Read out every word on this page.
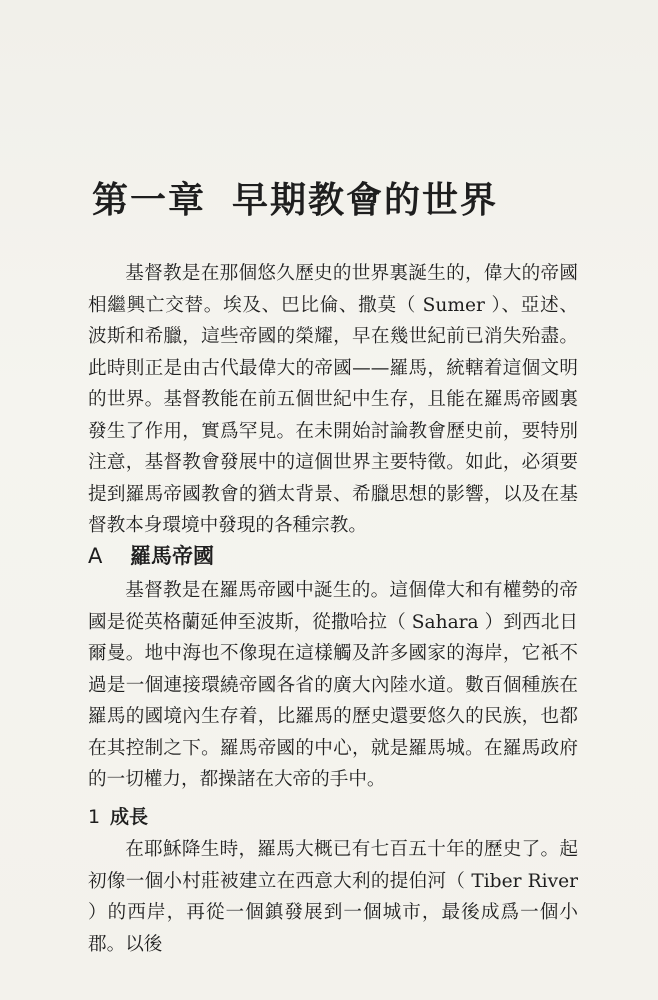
第一章 早期教會的世界

基督教是在那個悠久歷史的世界裏誕生的，偉大的帝國相繼興亡交替。埃及、巴比倫、撒莫（ Sumer ）、亞述、波斯和希臘，這些帝國的榮耀，早在幾世紀前已消失殆盡。此時則正是由古代最偉大的帝國——羅馬，統轄着這個文明的世界。基督教能在前五個世紀中生存，且能在羅馬帝國裏發生了作用，實爲罕見。在未開始討論教會歷史前，要特別注意，基督教會發展中的這個世界主要特徵。如此，必須要提到羅馬帝國教會的猶太背景、希臘思想的影響，以及在基督教本身環境中發現的各種宗教。

A 羅馬帝國

基督教是在羅馬帝國中誕生的。這個偉大和有權勢的帝國是從英格蘭延伸至波斯，從撒哈拉（ Sahara ）到西北日爾曼。地中海也不像現在這樣觸及許多國家的海岸，它衹不過是一個連接環繞帝國各省的廣大內陸水道。數百個種族在羅馬的國境內生存着，比羅馬的歷史還要悠久的民族，也都在其控制之下。羅馬帝國的中心，就是羅馬城。在羅馬政府的一切權力，都操諸在大帝的手中。

1 成長

在耶穌降生時，羅馬大概已有七百五十年的歷史了。起初像一個小村莊被建立在西意大利的提伯河（ Tiber River ）的西岸，再從一個鎮發展到一個城市，最後成爲一個小郡。以後
